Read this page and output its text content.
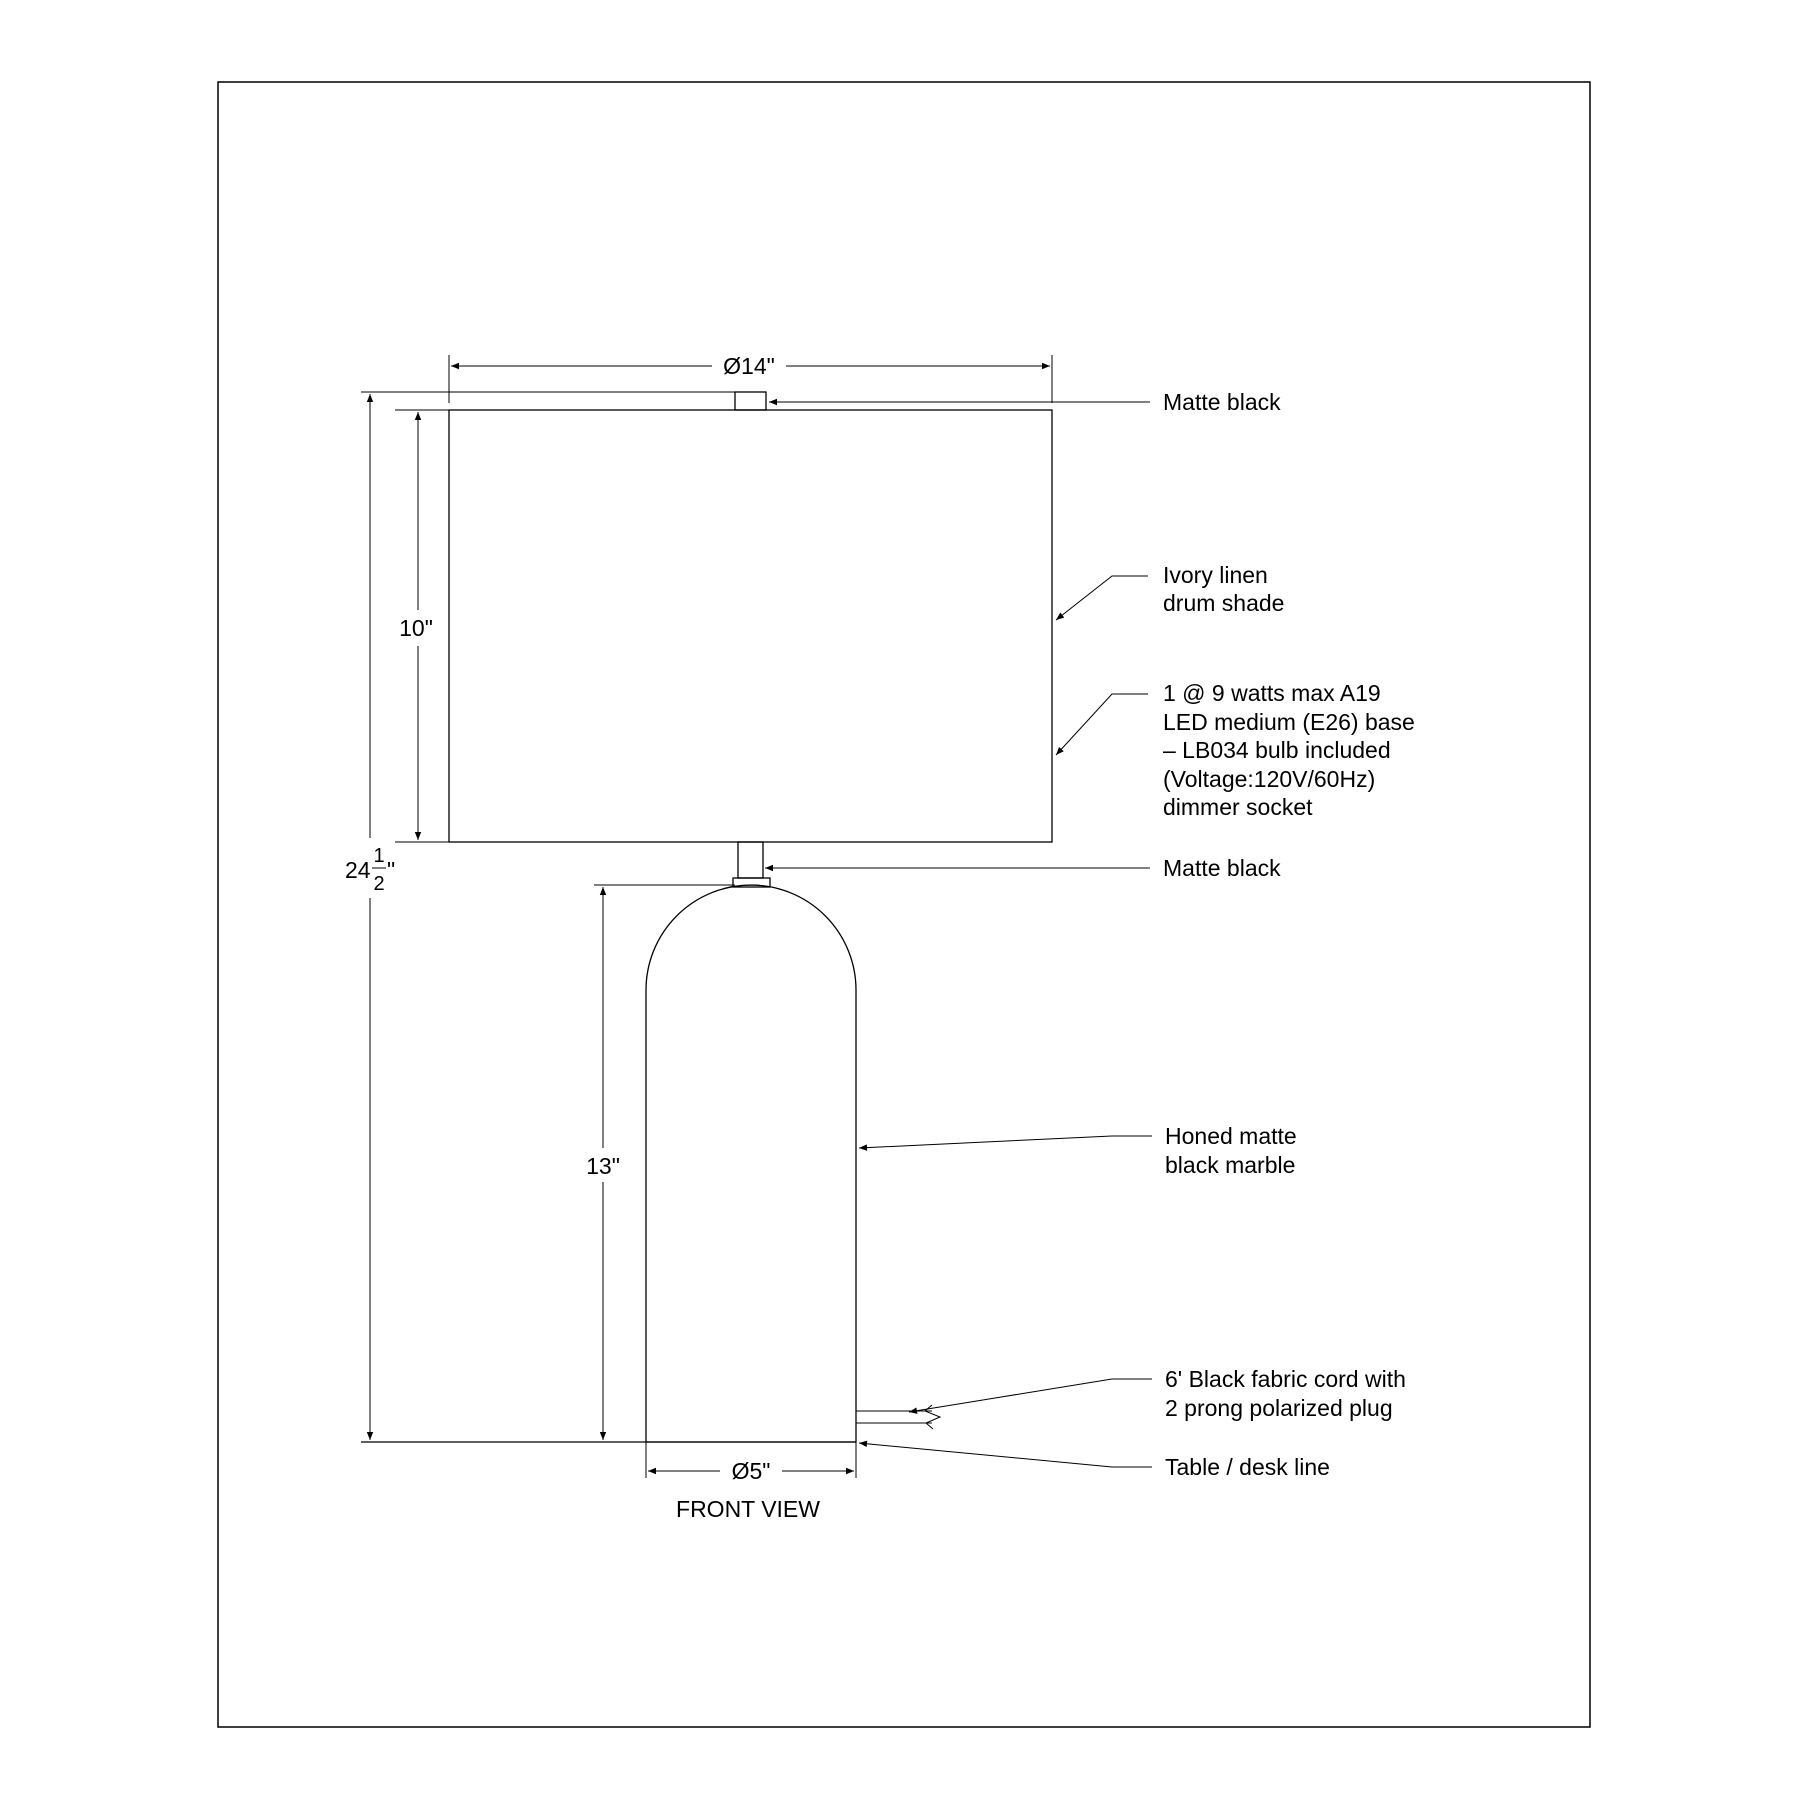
Ø14"
10"
24
1
2
"
13"
Ø5"
Matte black
Ivory linen
drum shade
1 @ 9 watts max A19
LED medium (E26) base
– LB034 bulb included
(Voltage:120V/60Hz)
dimmer socket
Matte black
Honed matte
black marble
6' Black fabric cord with
2 prong polarized plug
Table / desk line
FRONT VIEW
